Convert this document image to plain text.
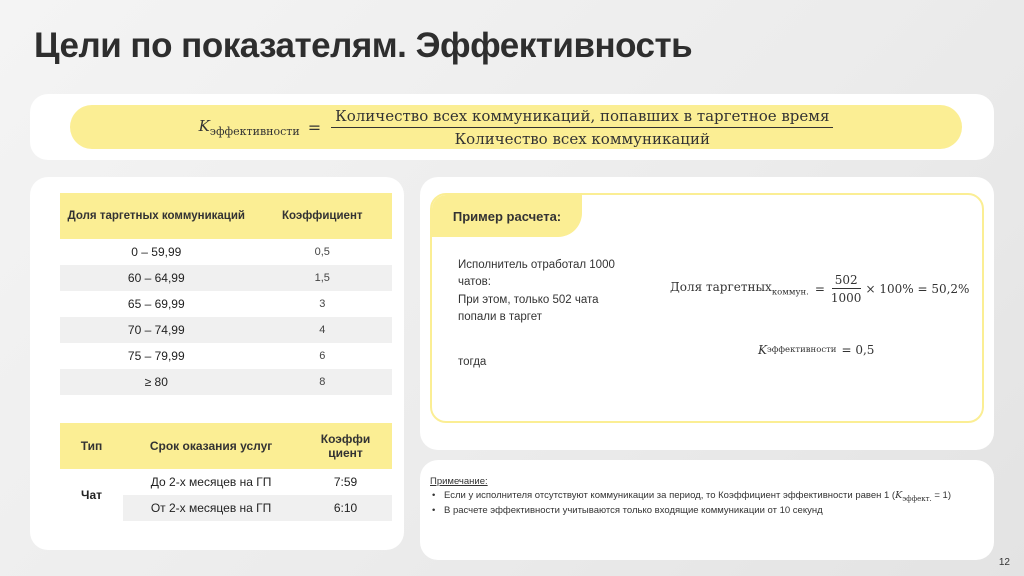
Цели по показателям. Эффективность
$K_{эффективности} = \frac{\text{Количество всех коммуникаций, попавших в таргетное время}}{\text{Количество всех коммуникаций}}$
Доля таргетных коммуникаций	Коэффициент
0 – 59,99	0,5
60 – 64,99	1,5
65 – 69,99	3
70 – 74,99	4
75 – 79,99	6
≥ 80	8
Тип	Срок оказания услуг	Коэффи циент
Чат	До 2-х месяцев на ГП	7:59
	От 2-х месяцев на ГП	6:10
Пример расчета:
Исполнитель отработал 1000 чатов:
При этом, только 502 чата попали в таргет
тогда
Доля таргетных$_{коммун.}$ = $\frac{502}{1000} \times 100\% = 50,2\%$
K эффективности = 0,5
Примечание:
• Если у исполнителя отсутствуют коммуникации за период, то Коэффициент эффективности равен 1 $(K_{эффект.} = 1)$
• В расчете эффективности учитываются только входящие коммуникации от 10 секунд
12
